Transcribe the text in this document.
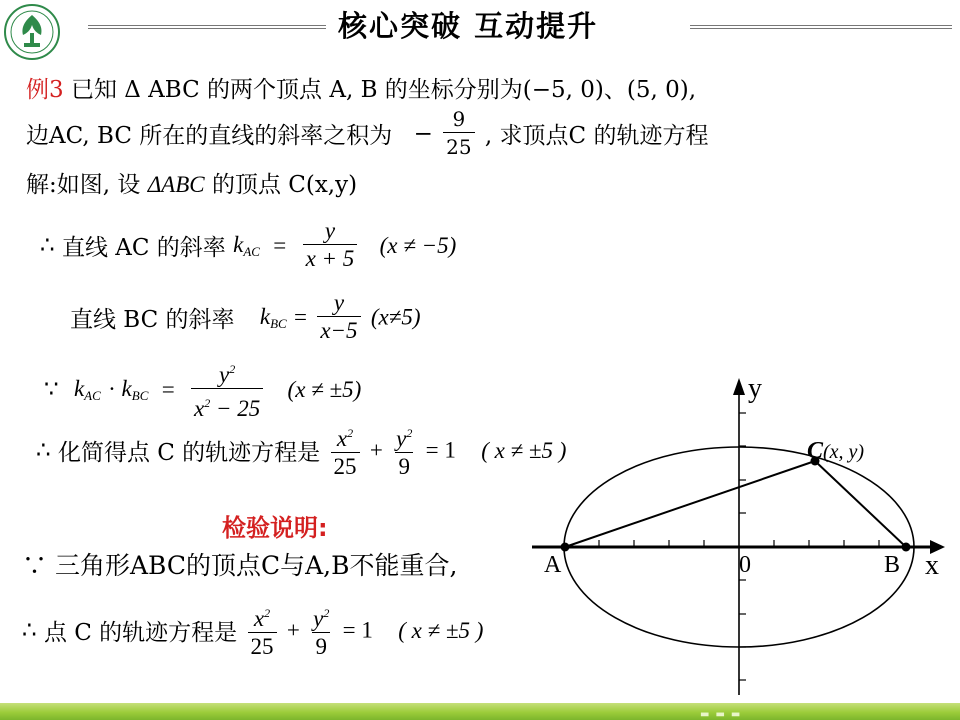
核心突破 互动提升
例3 已知 Δ ABC 的两个顶点 A, B 的坐标分别为(−5, 0)、(5, 0),
边AC, BC 所在的直线的斜率之积为 − $\frac{9}{25}$ , 求顶点C 的轨迹方程
解:如图, 设 ΔABC 的顶点 C(x,y)
∴ 直线 AC 的斜率 $k_{AC} = \frac{y}{x + 5} (x \ne -5)$
直线 BC 的斜率 $k_{BC} = \frac{y}{x-5} (x\ne 5)$
∵ $k_{AC} \cdot k_{BC} = \frac{y^2}{x^2 - 25} (x \ne \pm 5)$
∴ 化简得点 C 的轨迹方程是 $\frac{x^2}{25} + \frac{y^2}{9} = 1$ ( x ≠ ±5 )
检验说明:
∵ 三角形ABC的顶点C与A,B不能重合,
∴ 点 C 的轨迹方程是 $\frac{x^2}{25} + \frac{y^2}{9} = 1$ ( x ≠ ±5 )
y
x
0
A	B
C (x, y)
▬▬▬
